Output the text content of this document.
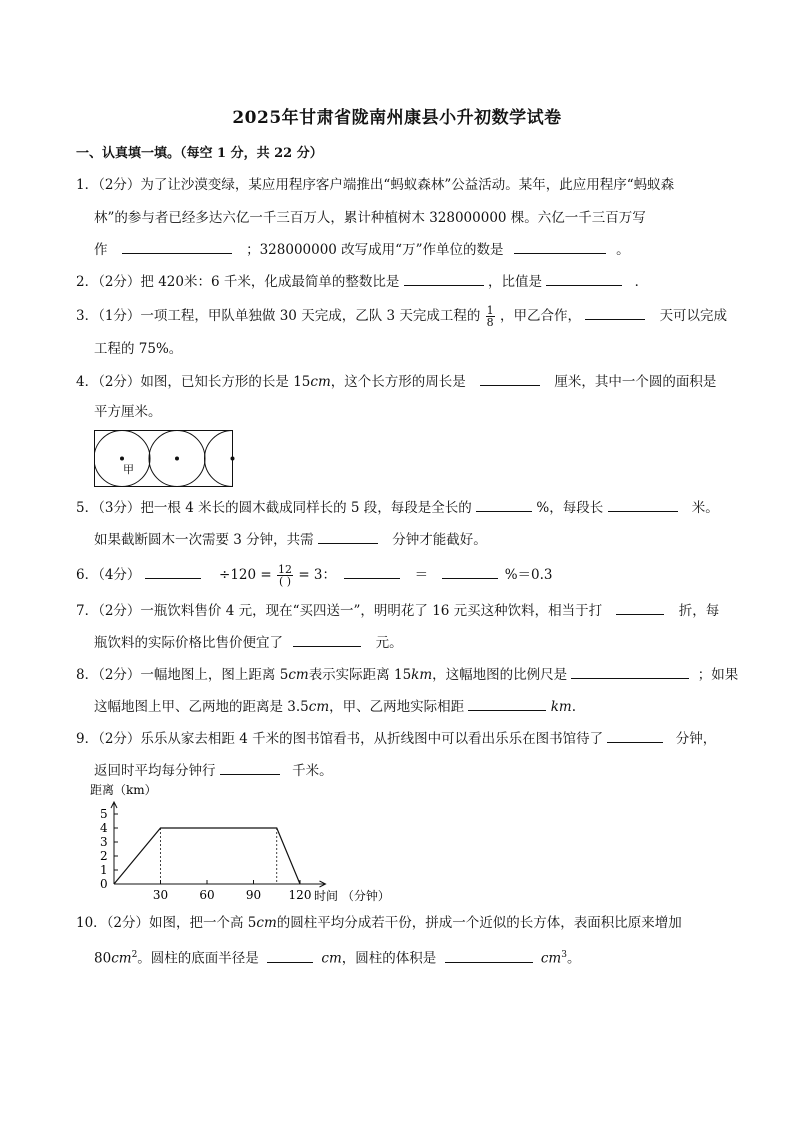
2025年甘肃省陇南州康县小升初数学试卷
一、认真填一填。（每空 1 分，共 22 分）
1．（2分）为了让沙漠变绿，某应用程序客户端推出“蚂蚁森林”公益活动。某年，此应用程序“蚂蚁森
林”的参与者已经多达六亿一千三百万人，累计种植树木 328000000 棵。六亿一千三百万写
作	；328000000 改写成用“万”作单位的数是	。
2．（2分）把 420米：6 千米，化成最简单的整数比是	，比值是	．
3．（1分）一项工程，甲队单独做 30 天完成，乙队 3 天完成工程的 $\frac{1}{8}$ ，甲乙合作，	天可以完成
工程的 75%。
4．（2分）如图，已知长方形的长是 15cm，这个长方形的周长是	厘米，其中一个圆的面积是
平方厘米。
甲
5．（3分）把一根 4 米长的圆木截成同样长的 5 段，每段是全长的	%，每段长	米。
如果截断圆木一次需要 3 分钟，共需	分钟才能截好。
6．（4分）	$\div 120 = \frac{12}{( )} = 3$：	＝	%＝0.3
7．（2分）一瓶饮料售价 4 元，现在“买四送一”，明明花了 16 元买这种饮料，相当于打	折，每
瓶饮料的实际价格比售价便宜了	元。
8．（2分）一幅地图上，图上距离 5cm表示实际距离 15km，这幅地图的比例尺是	；如果
这幅地图上甲、乙两地的距离是 3.5cm，甲、乙两地实际相距	km.
9．（2分）乐乐从家去相距 4 千米的图书馆看书，从折线图中可以看出乐乐在图书馆待了	分钟，
返回时平均每分钟行	千米。
距离（km）
时间 （分钟）
0
1
2
3
4
5
30	60	90 120
10．（2分）如图，把一个高 5cm的圆柱平均分成若干份，拼成一个近似的长方体，表面积比原来增加
$80cm^2$。圆柱的底面半径是	cm，圆柱的体积是	$cm^3$。
